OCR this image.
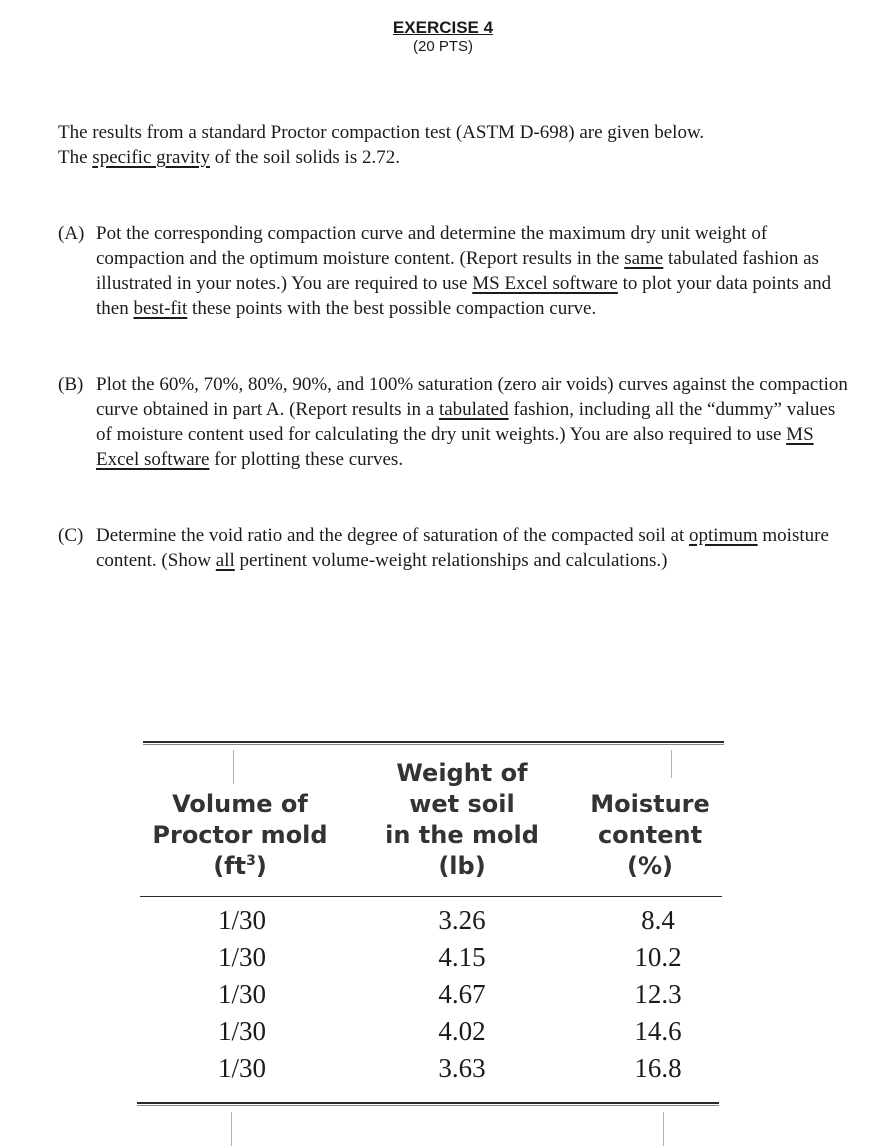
EXERCISE 4
(20 PTS)
The results from a standard Proctor compaction test (ASTM D-698) are given below.
The specific gravity of the soil solids is 2.72.
(A) Pot the corresponding compaction curve and determine the maximum dry unit weight of compaction and the optimum moisture content. (Report results in the same tabulated fashion as illustrated in your notes.) You are required to use MS Excel software to plot your data points and then best-fit these points with the best possible compaction curve.
(B) Plot the 60%, 70%, 80%, 90%, and 100% saturation (zero air voids) curves against the compaction curve obtained in part A. (Report results in a tabulated fashion, including all the “dummy” values of moisture content used for calculating the dry unit weights.) You are also required to use MS Excel software for plotting these curves.
(C) Determine the void ratio and the degree of saturation of the compacted soil at optimum moisture content. (Show all pertinent volume-weight relationships and calculations.)
Volume of
Proctor mold
$(ft^3)$
Weight of
wet soil
in the mold
(lb)
Moisture
content
(%)
1/30
1/30
1/30
1/30
1/30
3.26
4.15
4.67
4.02
3.63
8.4
10.2
12.3
14.6
16.8
